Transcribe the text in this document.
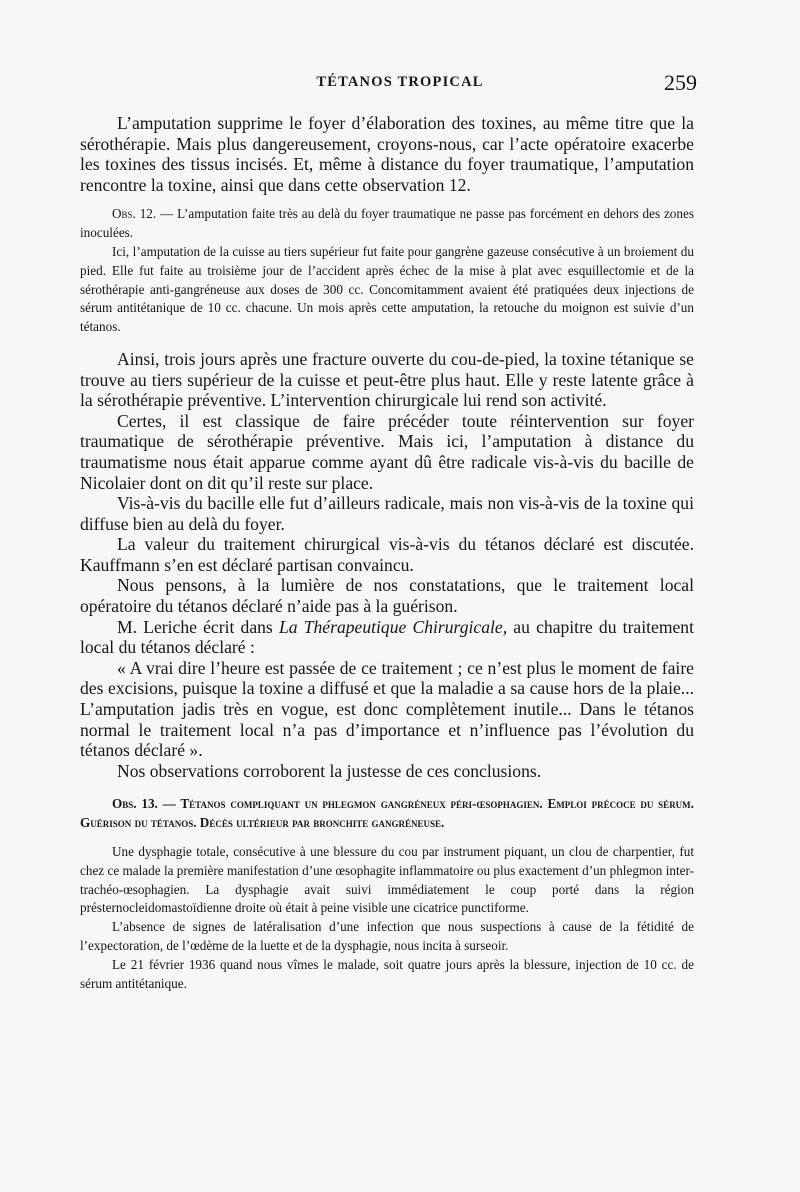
TÉTANOS TROPICAL	259

L’amputation supprime le foyer d’élaboration des toxines, au même titre que la sérothérapie. Mais plus dangereusement, croyons-nous, car l’acte opératoire exacerbe les toxines des tissus incisés. Et, même à distance du foyer traumatique, l’amputation rencontre la toxine, ainsi que dans cette observation 12.

Obs. 12. — L’amputation faite très au delà du foyer traumatique ne passe pas forcément en dehors des zones inoculées.

Ici, l’amputation de la cuisse au tiers supérieur fut faite pour gangrène gazeuse consécutive à un broiement du pied. Elle fut faite au troisième jour de l’accident après échec de la mise à plat avec esquillectomie et de la sérothérapie anti-gangréneuse aux doses de 300 cc. Concomitamment avaient été pratiquées deux injections de sérum antitétanique de 10 cc. chacune. Un mois après cette amputation, la retouche du moignon est suivie d’un tétanos.

Ainsi, trois jours après une fracture ouverte du cou-de-pied, la toxine tétanique se trouve au tiers supérieur de la cuisse et peut-être plus haut. Elle y reste latente grâce à la sérothérapie préventive. L’intervention chirurgicale lui rend son activité.

Certes, il est classique de faire précéder toute réintervention sur foyer traumatique de sérothérapie préventive. Mais ici, l’amputation à distance du traumatisme nous était apparue comme ayant dû être radicale vis-à-vis du bacille de Nicolaier dont on dit qu’il reste sur place.

Vis-à-vis du bacille elle fut d’ailleurs radicale, mais non vis-à-vis de la toxine qui diffuse bien au delà du foyer.

La valeur du traitement chirurgical vis-à-vis du tétanos déclaré est discutée. Kauffmann s’en est déclaré partisan convaincu.

Nous pensons, à la lumière de nos constatations, que le traitement local opératoire du tétanos déclaré n’aide pas à la guérison.

M. Leriche écrit dans La Thérapeutique Chirurgicale, au chapitre du traitement local du tétanos déclaré :

« A vrai dire l’heure est passée de ce traitement ; ce n’est plus le moment de faire des excisions, puisque la toxine a diffusé et que la maladie a sa cause hors de la plaie... L’amputation jadis très en vogue, est donc complètement inutile... Dans le tétanos normal le traitement local n’a pas d’importance et n’influence pas l’évolution du tétanos déclaré ».

Nos observations corroborent la justesse de ces conclusions.

Obs. 13. — Tétanos compliquant un phlegmon gangréneux péri-œsophagien. Emploi précoce du sérum. Guérison du tétanos. Décès ultérieur par bronchite gangréneuse.

Une dysphagie totale, consécutive à une blessure du cou par instrument piquant, un clou de charpentier, fut chez ce malade la première manifestation d’une œsophagite inflammatoire ou plus exactement d’un phlegmon inter-trachéo-œsophagien. La dysphagie avait suivi immédiatement le coup porté dans la région présternocleidomastoïdienne droite où était à peine visible une cicatrice punctiforme.

L’absence de signes de latéralisation d’une infection que nous suspections à cause de la fétidité de l’expectoration, de l’œdème de la luette et de la dysphagie, nous incita à surseoir.

Le 21 février 1936 quand nous vîmes le malade, soit quatre jours après la blessure, injection de 10 cc. de sérum antitétanique.
